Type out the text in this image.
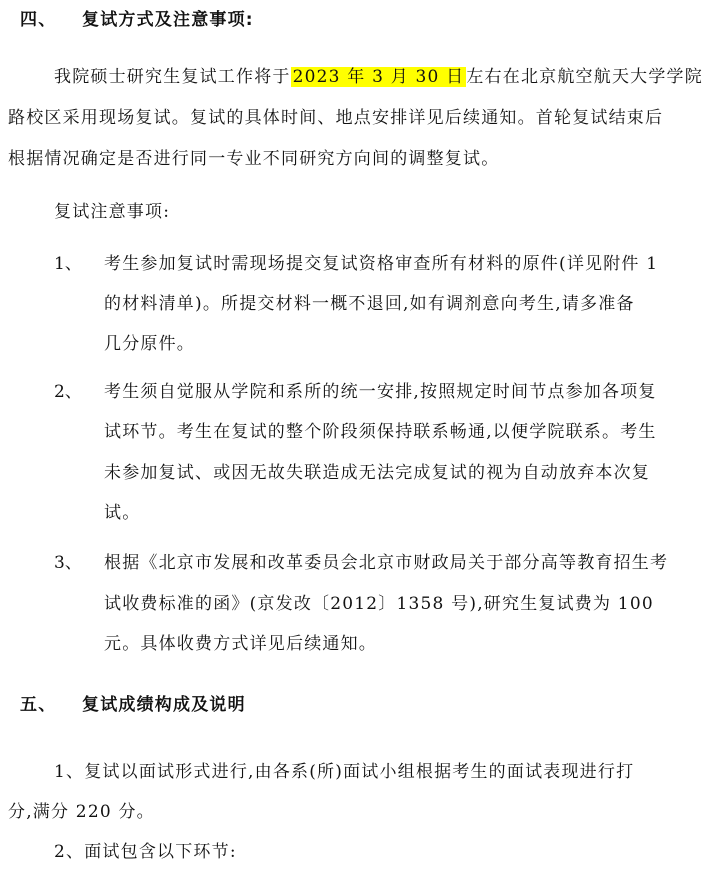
四、 复试方式及注意事项:
我院硕士研究生复试工作将于 2023 年 3 月 30 日 左右在北京航空航天大学学院
路校区采用现场复试。复试的具体时间、地点安排详见后续通知。首轮复试结束后
根据情况确定是否进行同一专业不同研究方向间的调整复试。
复试注意事项:
1、 考生参加复试时需现场提交复试资格审查所有材料的原件(详见附件 1
的材料清单)。所提交材料一概不退回,如有调剂意向考生,请多准备
几分原件。
2、 考生须自觉服从学院和系所的统一安排,按照规定时间节点参加各项复
试环节。考生在复试的整个阶段须保持联系畅通,以便学院联系。考生
未参加复试、或因无故失联造成无法完成复试的视为自动放弃本次复
试。
3、 根据《北京市发展和改革委员会北京市财政局关于部分高等教育招生考
试收费标准的函》(京发改〔2012〕1358 号),研究生复试费为 100
元。具体收费方式详见后续通知。
五、 复试成绩构成及说明
1、复试以面试形式进行,由各系(所)面试小组根据考生的面试表现进行打
分,满分 220 分。
2、面试包含以下环节:
